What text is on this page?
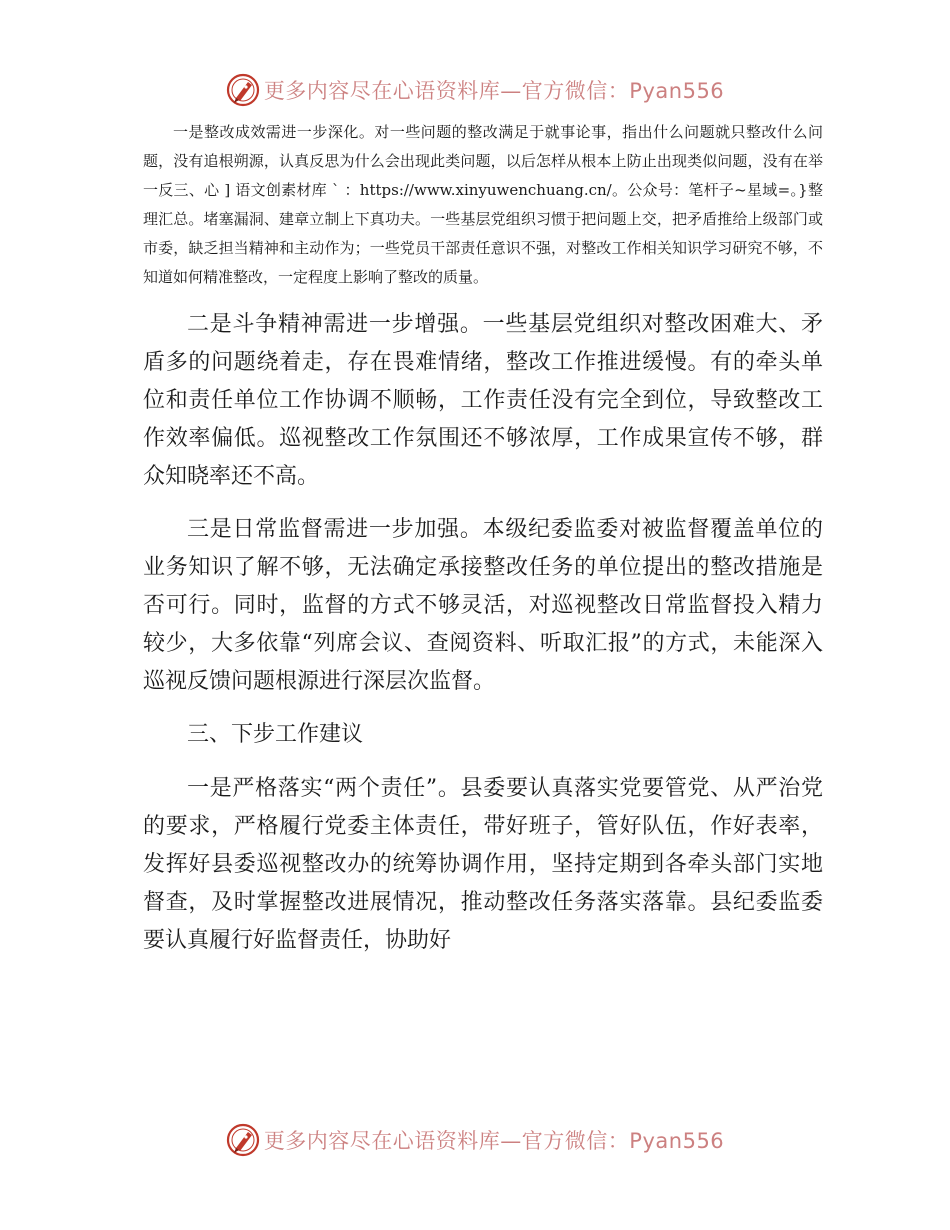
更多内容尽在心语资料库—官方微信：Pyan556

一是整改成效需进一步深化。对一些问题的整改满足于就事论事，指出什么问题就只整改什么问题，没有追根朔源，认真反思为什么会出现此类问题，以后怎样从根本上防止出现类似问题，没有在举一反三、心 ] 语文创素材库 ` ：https://www.xinyuwenchuang.cn/。公众号：笔杆子~星域=。}整理汇总。堵塞漏洞、建章立制上下真功夫。一些基层党组织习惯于把问题上交，把矛盾推给上级部门或市委，缺乏担当精神和主动作为；一些党员干部责任意识不强，对整改工作相关知识学习研究不够，不知道如何精准整改，一定程度上影响了整改的质量。

二是斗争精神需进一步增强。一些基层党组织对整改困难大、矛盾多的问题绕着走，存在畏难情绪，整改工作推进缓慢。有的牵头单位和责任单位工作协调不顺畅，工作责任没有完全到位，导致整改工作效率偏低。巡视整改工作氛围还不够浓厚，工作成果宣传不够，群众知晓率还不高。

三是日常监督需进一步加强。本级纪委监委对被监督覆盖单位的业务知识了解不够，无法确定承接整改任务的单位提出的整改措施是否可行。同时，监督的方式不够灵活，对巡视整改日常监督投入精力较少，大多依靠“列席会议、查阅资料、听取汇报”的方式，未能深入巡视反馈问题根源进行深层次监督。

三、下步工作建议

一是严格落实“两个责任”。县委要认真落实党要管党、从严治党的要求，严格履行党委主体责任，带好班子，管好队伍，作好表率，发挥好县委巡视整改办的统筹协调作用，坚持定期到各牵头部门实地督查，及时掌握整改进展情况，推动整改任务落实落靠。县纪委监委要认真履行好监督责任，协助好

更多内容尽在心语资料库—官方微信：Pyan556
